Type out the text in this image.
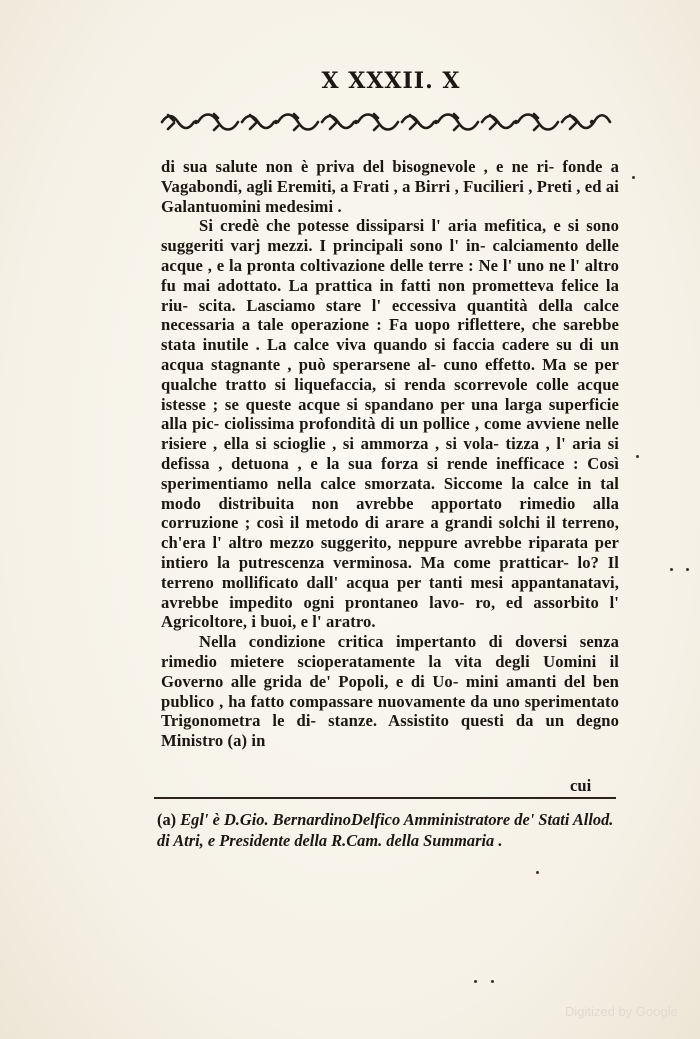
X XXXII. X

di sua salute non è priva del bisognevole , e ne ri- fonde a Vagabondi, agli Eremiti, a Frati , a Birri , Fucilieri , Preti , ed ai Galantuomini medesimi .

Si credè che potesse dissiparsi l' aria mefitica, e si sono suggeriti varj mezzi. I principali sono l' in- calciamento delle acque , e la pronta coltivazione delle terre : Ne l' uno ne l' altro fu mai adottato. La prattica in fatti non prometteva felice la riu- scita. Lasciamo stare l' eccessiva quantità della calce necessaria a tale operazione : Fa uopo riflettere, che sarebbe stata inutile . La calce viva quando si faccia cadere su di un acqua stagnante , può sperarsene al- cuno effetto. Ma se per qualche tratto si liquefaccia, si renda scorrevole colle acque istesse ; se queste acque si spandano per una larga superficie alla pic- ciolissima profondità di un pollice , come avviene nelle risiere , ella si scioglie , si ammorza , si vola- tizza , l' aria si defissa , detuona , e la sua forza si rende inefficace : Così sperimentiamo nella calce smorzata. Siccome la calce in tal modo distribuita non avrebbe apportato rimedio alla corruzione ; così il metodo di arare a grandi solchi il terreno, ch'era l' altro mezzo suggerito, neppure avrebbe riparata per intiero la putrescenza verminosa. Ma come pratticar- lo? Il terreno mollificato dall' acqua per tanti mesi appantanatavi, avrebbe impedito ogni prontaneo lavo- ro, ed assorbito l' Agricoltore, i buoi, e l' aratro.

Nella condizione critica impertanto di doversi senza rimedio mietere scioperatamente la vita degli Uomini il Governo alle grida de' Popoli, e di Uo- mini amanti del ben publico , ha fatto compassare nuovamente da uno sperimentato Trigonometra le di- stanze. Assistito questi da un degno Ministro (a) in

cui
(a) Egl' è D.Gio. BernardinoDelfico Amministratore de' Stati Allod. di Atri, e Presidente della R.Cam. della Summaria .
Digitized by Google
